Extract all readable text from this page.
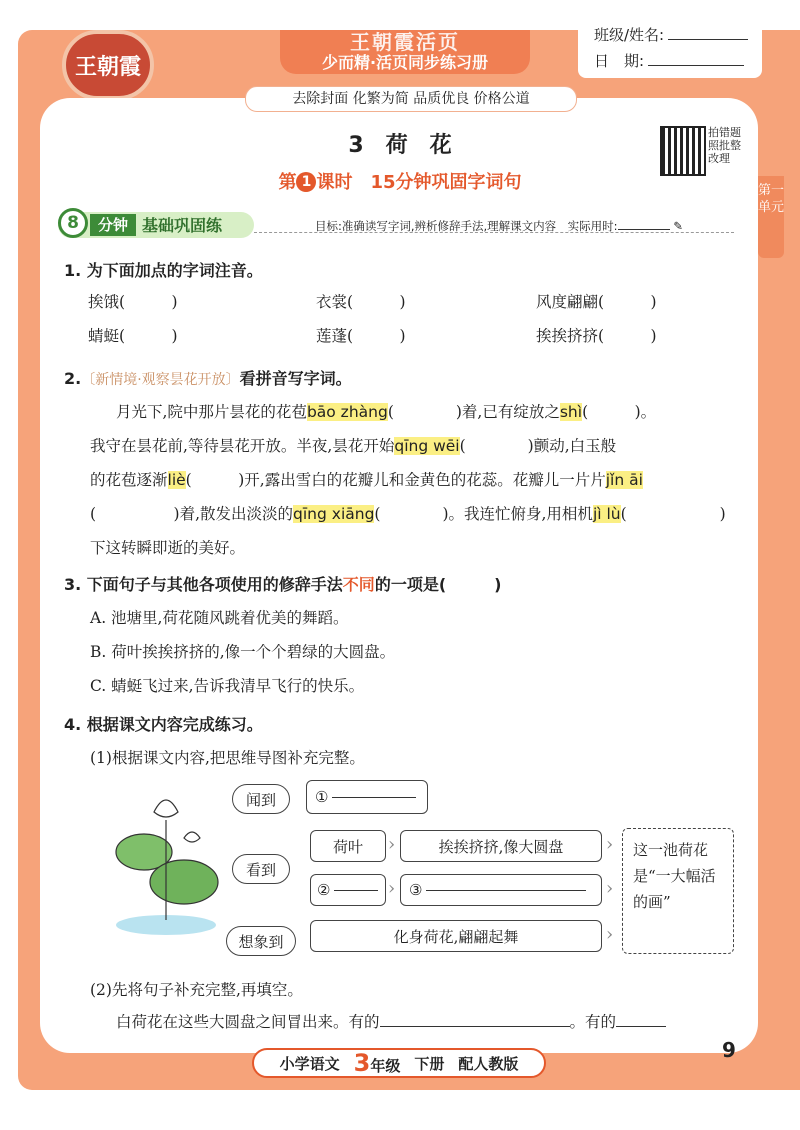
王朝霞
王朝霞活页
少而精·活页同步练习册
班级/姓名:
日　期:
去除封面 化繁为简 品质优良 价格公道
第一单元
3　荷　花
第 1 课时　15分钟巩固字词句
拍错题照批整改理
8	分钟 基础巩固练	目标:准确读写字词,辨析修辞手法,理解课文内容　实际用时:	✎
1. 为下面加点的字词注音。
挨饿(　　　)	衣裳(　　　)	风度翩翩(　　　)
蜻蜓(　　　)	莲蓬(　　　)	挨挨挤挤(　　　)
2.〔新情境·观察昙花开放〕看拼音写字词。
月光下,院中那片昙花的花苞bāo zhàng(　　　　)着,已有绽放之shì(　　　)。
我守在昙花前,等待昙花开放。半夜,昙花开始qīng wēi(　　　　)颤动,白玉般
的花苞逐渐liè(　　　)开,露出雪白的花瓣儿和金黄色的花蕊。花瓣儿一片片jǐn āi
(　　　　　)着,散发出淡淡的qīng xiāng(　　　　)。我连忙俯身,用相机jì lù(　　　　　　)
下这转瞬即逝的美好。
3. 下面句子与其他各项使用的修辞手法不同的一项是(　　　)
A. 池塘里,荷花随风跳着优美的舞蹈。
B. 荷叶挨挨挤挤的,像一个个碧绿的大圆盘。
C. 蜻蜓飞过来,告诉我清早飞行的快乐。
4. 根据课文内容完成练习。
(1)根据课文内容,把思维导图补充完整。
闻到	①
看到
荷叶 ›	挨挨挤挤,像大圆盘 ›
②	› ③	›
想象到	化身荷花,翩翩起舞	›
这一池荷花是“一大幅活的画”
(2)先将句子补充完整,再填空。
白荷花在这些大圆盘之间冒出来。有的	。有的
小学语文 3年级 下册 配人教版
9
